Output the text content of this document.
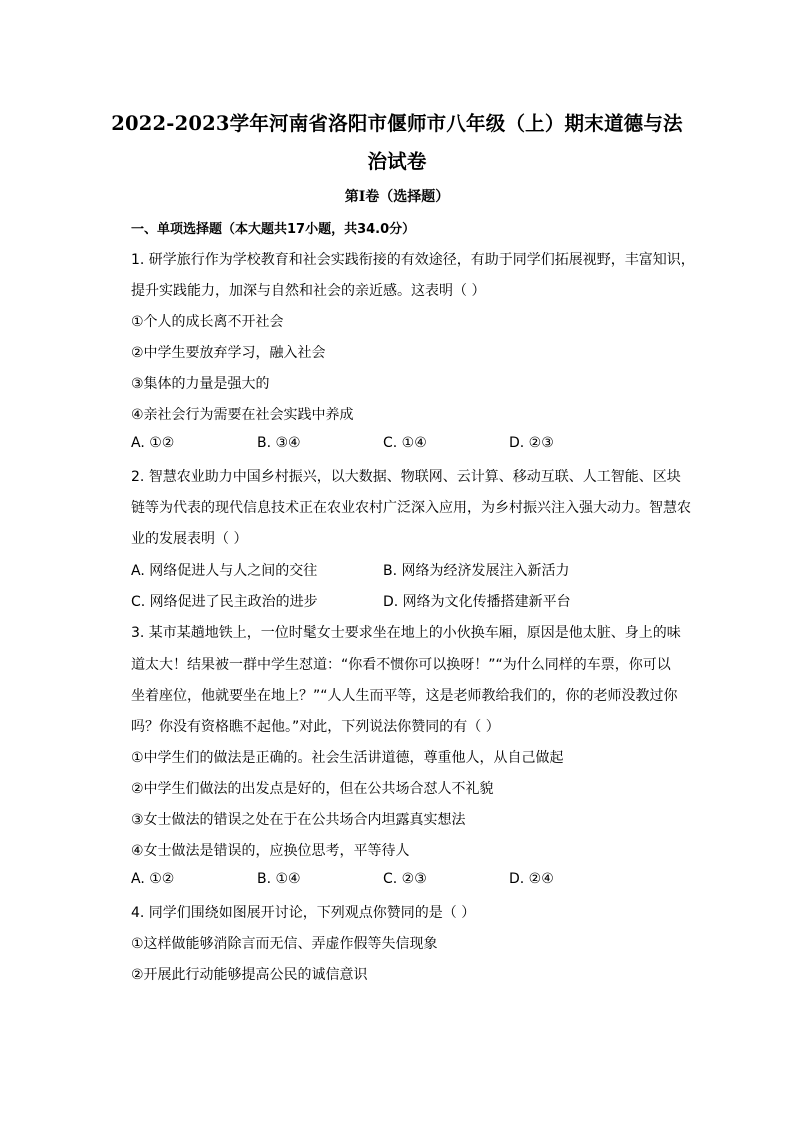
2022-2023学年河南省洛阳市偃师市八年级（上）期末道德与法
治试卷
第I卷（选择题）
一、单项选择题（本大题共17小题，共34.0分）
1. 研学旅行作为学校教育和社会实践衔接的有效途径，有助于同学们拓展视野，丰富知识，
提升实践能力，加深与自然和社会的亲近感。这表明（ ）
①个人的成长离不开社会
②中学生要放弃学习，融入社会
③集体的力量是强大的
④亲社会行为需要在社会实践中养成
A. ①②	B. ③④	C. ①④	D. ②③
2. 智慧农业助力中国乡村振兴，以大数据、物联网、云计算、移动互联、人工智能、区块
链等为代表的现代信息技术正在农业农村广泛深入应用，为乡村振兴注入强大动力。智慧农
业的发展表明（ ）
A. 网络促进人与人之间的交往	B. 网络为经济发展注入新活力
C. 网络促进了民主政治的进步	D. 网络为文化传播搭建新平台
3. 某市某趟地铁上，一位时髦女士要求坐在地上的小伙换车厢，原因是他太脏、身上的味
道太大！结果被一群中学生怼道：“你看不惯你可以换呀！”“为什么同样的车票，你可以
坐着座位，他就要坐在地上？”“人人生而平等，这是老师教给我们的，你的老师没教过你
吗？你没有资格瞧不起他。”对此，下列说法你赞同的有（ ）
①中学生们的做法是正确的。社会生活讲道德，尊重他人，从自己做起
②中学生们做法的出发点是好的，但在公共场合怼人不礼貌
③女士做法的错误之处在于在公共场合内坦露真实想法
④女士做法是错误的，应换位思考，平等待人
A. ①②	B. ①④	C. ②③	D. ②④
4. 同学们围绕如图展开讨论，下列观点你赞同的是（ ）
①这样做能够消除言而无信、弄虚作假等失信现象
②开展此行动能够提高公民的诚信意识
